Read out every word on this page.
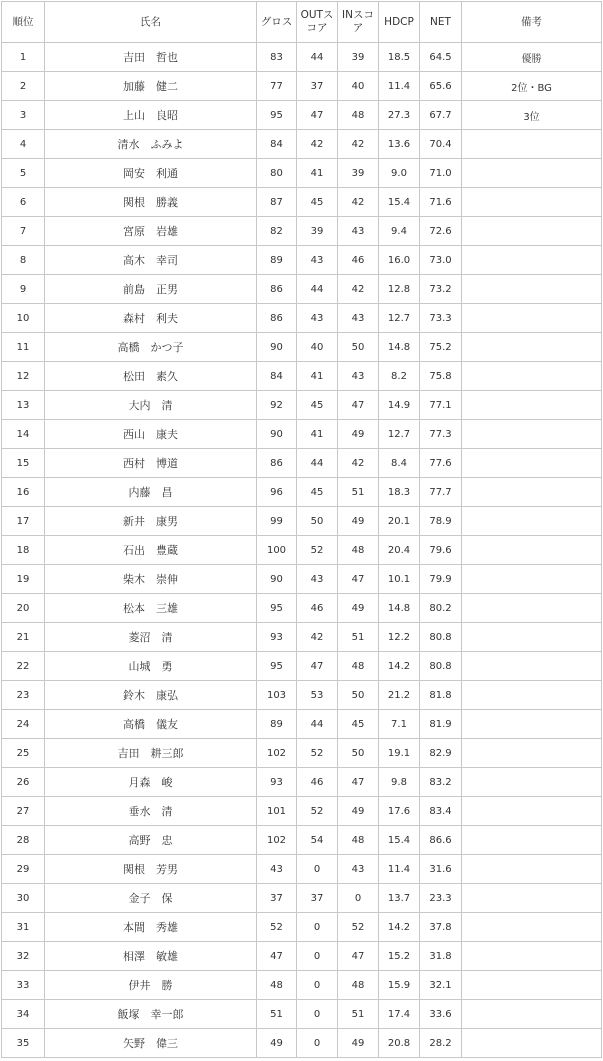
順位	氏名	グロス	OUTスコア	INスコア	HDCP	NET	備考
1	吉田　哲也	83	44	39	18.5	64.5	優勝
2	加藤　健二	77	37	40	11.4	65.6	2位・BG
3	上山　良昭	95	47	48	27.3	67.7	3位
4	清水　ふみよ	84	42	42	13.6	70.4	
5	岡安　利通	80	41	39	9.0	71.0	
6	関根　勝義	87	45	42	15.4	71.6	
7	宮原　岩雄	82	39	43	9.4	72.6	
8	高木　幸司	89	43	46	16.0	73.0	
9	前島　正男	86	44	42	12.8	73.2	
10	森村　利夫	86	43	43	12.7	73.3	
11	高橋　かつ子	90	40	50	14.8	75.2	
12	松田　素久	84	41	43	8.2	75.8	
13	大内　清	92	45	47	14.9	77.1	
14	西山　康夫	90	41	49	12.7	77.3	
15	西村　博道	86	44	42	8.4	77.6	
16	内藤　昌	96	45	51	18.3	77.7	
17	新井　康男	99	50	49	20.1	78.9	
18	石出　豊蔵	100	52	48	20.4	79.6	
19	柴木　崇伸	90	43	47	10.1	79.9	
20	松本　三雄	95	46	49	14.8	80.2	
21	菱沼　清	93	42	51	12.2	80.8	
22	山城　勇	95	47	48	14.2	80.8	
23	鈴木　康弘	103	53	50	21.2	81.8	
24	高橋　儀友	89	44	45	7.1	81.9	
25	吉田　耕三郎	102	52	50	19.1	82.9	
26	月森　峻	93	46	47	9.8	83.2	
27	垂水　清	101	52	49	17.6	83.4	
28	高野　忠	102	54	48	15.4	86.6	
29	関根　芳男	43	0	43	11.4	31.6	
30	金子　保	37	37	0	13.7	23.3	
31	本間　秀雄	52	0	52	14.2	37.8	
32	相澤　敏雄	47	0	47	15.2	31.8	
33	伊井　勝	48	0	48	15.9	32.1	
34	飯塚　幸一郎	51	0	51	17.4	33.6	
35	矢野　偉三	49	0	49	20.8	28.2	
